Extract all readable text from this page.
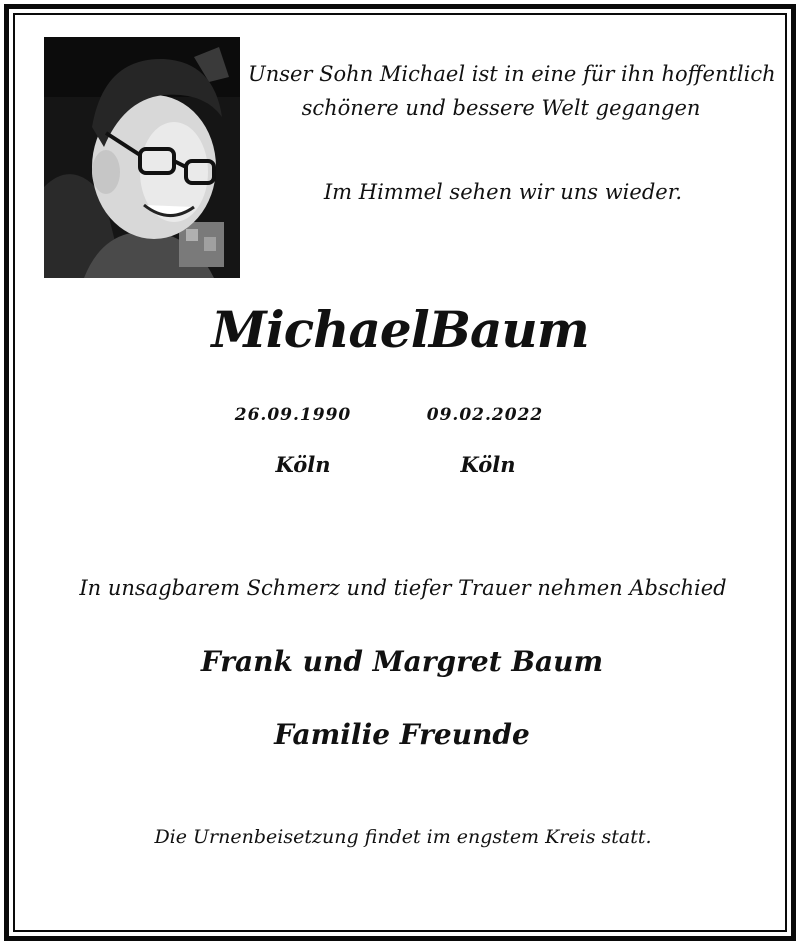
Unser Sohn Michael ist in eine für ihn hoffentlich
schönere und bessere Welt gegangen
Im Himmel sehen wir uns wieder.
MichaelBaum
26.09.1990	09.02.2022
Köln	Köln
In unsagbarem Schmerz und tiefer Trauer nehmen Abschied
Frank und Margret Baum
Familie Freunde
Die Urnenbeisetzung findet im engstem Kreis statt.
